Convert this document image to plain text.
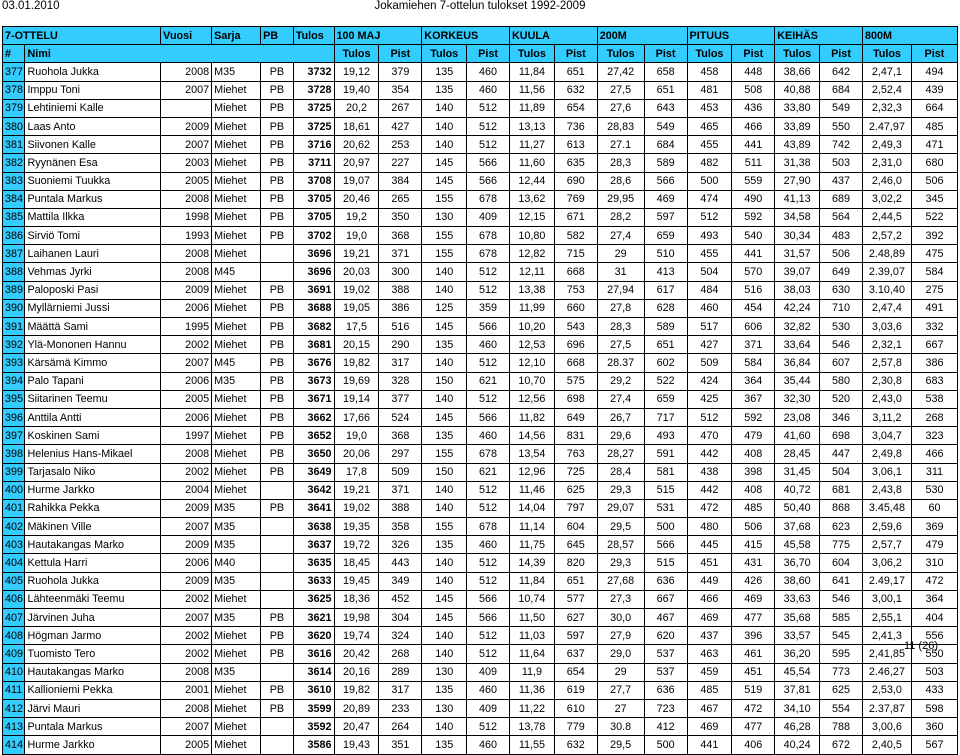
03.01.2010	Jokamiehen 7-ottelun tulokset 1992-2009
7-OTTELU		Vuosi	Sarja	PB	Tulos	100 MAJ		KORKEUS		KUULA		200M		PITUUS		KEIHÄS		800M	
#	Nimi					Tulos	Pist	Tulos	Pist	Tulos	Pist	Tulos	Pist	Tulos	Pist	Tulos	Pist	Tulos	Pist
377	Ruohola Jukka	2008	M35	PB	3732	19,12	379	135	460	11,84	651	27,42	658	458	448	38,66	642	2,47,1	494
378	Imppu Toni	2007	Miehet	PB	3728	19,40	354	135	460	11,56	632	27,5	651	481	508	40,88	684	2,52,4	439
379	Lehtiniemi Kalle		Miehet	PB	3725	20,2	267	140	512	11,89	654	27,6	643	453	436	33,80	549	2,32,3	664
380	Laas Anto	2009	Miehet	PB	3725	18,61	427	140	512	13,13	736	28,83	549	465	466	33,89	550	2.47,97	485
381	Siivonen Kalle	2007	Miehet	PB	3716	20,62	253	140	512	11,27	613	27.1	684	455	441	43,89	742	2,49,3	471
382	Ryynänen Esa	2003	Miehet	PB	3711	20,97	227	145	566	11,60	635	28,3	589	482	511	31,38	503	2,31,0	680
383	Suoniemi Tuukka	2005	Miehet	PB	3708	19,07	384	145	566	12,44	690	28,6	566	500	559	27,90	437	2,46,0	506
384	Puntala Markus	2008	Miehet	PB	3705	20,46	265	155	678	13,62	769	29,95	469	474	490	41,13	689	3,02,2	345
385	Mattila Ilkka	1998	Miehet	PB	3705	19,2	350	130	409	12,15	671	28,2	597	512	592	34,58	564	2,44,5	522
386	Sirviö Tomi	1993	Miehet	PB	3702	19,0	368	155	678	10,80	582	27,4	659	493	540	30,34	483	2,57,2	392
387	Laihanen Lauri	2008	Miehet		3696	19,21	371	155	678	12,82	715	29	510	455	441	31,57	506	2.48,89	475
388	Vehmas Jyrki	2008	M45		3696	20,03	300	140	512	12,11	668	31	413	504	570	39,07	649	2.39,07	584
389	Paloposki Pasi	2009	Miehet	PB	3691	19,02	388	140	512	13,38	753	27,94	617	484	516	38,03	630	3.10,40	275
390	Myllärniemi Jussi	2006	Miehet	PB	3688	19,05	386	125	359	11,99	660	27,8	628	460	454	42,24	710	2,47,4	491
391	Määttä Sami	1995	Miehet	PB	3682	17,5	516	145	566	10,20	543	28,3	589	517	606	32,82	530	3,03,6	332
392	Ylä-Mononen Hannu	2002	Miehet	PB	3681	20,15	290	135	460	12,53	696	27,5	651	427	371	33,64	546	2,32,1	667
393	Kärsämä Kimmo	2007	M45	PB	3676	19,82	317	140	512	12,10	668	28.37	602	509	584	36,84	607	2,57,8	386
394	Palo Tapani	2006	M35	PB	3673	19,69	328	150	621	10,70	575	29,2	522	424	364	35,44	580	2,30,8	683
395	Siitarinen Teemu	2005	Miehet	PB	3671	19,14	377	140	512	12,56	698	27,4	659	425	367	32,30	520	2,43,0	538
396	Anttila Antti	2006	Miehet	PB	3662	17,66	524	145	566	11,82	649	26,7	717	512	592	23,08	346	3,11,2	268
397	Koskinen Sami	1997	Miehet	PB	3652	19,0	368	135	460	14,56	831	29,6	493	470	479	41,60	698	3,04,7	323
398	Helenius Hans-Mikael	2008	Miehet	PB	3650	20,06	297	155	678	13,54	763	28,27	591	442	408	28,45	447	2,49,8	466
399	Tarjasalo Niko	2002	Miehet	PB	3649	17,8	509	150	621	12,96	725	28,4	581	438	398	31,45	504	3,06,1	311
400	Hurme Jarkko	2004	Miehet		3642	19,21	371	140	512	11,46	625	29,3	515	442	408	40,72	681	2,43,8	530
401	Rahikka Pekka	2009	M35	PB	3641	19,02	388	140	512	14,04	797	29,07	531	472	485	50,40	868	3.45,48	60
402	Mäkinen Ville	2007	M35		3638	19,35	358	155	678	11,14	604	29,5	500	480	506	37,68	623	2,59,6	369
403	Hautakangas Marko	2009	M35		3637	19,72	326	135	460	11,75	645	28,57	566	445	415	45,58	775	2,57,7	479
404	Kettula Harri	2006	M40		3635	18,45	443	140	512	14,39	820	29,3	515	451	431	36,70	604	3,06,2	310
405	Ruohola Jukka	2009	M35		3633	19,45	349	140	512	11,84	651	27,68	636	449	426	38,60	641	2.49,17	472
406	Lähteenmäki Teemu	2002	Miehet		3625	18,36	452	145	566	10,74	577	27,3	667	466	469	33,63	546	3,00,1	364
407	Järvinen Juha	2007	M35	PB	3621	19,98	304	145	566	11,50	627	30,0	467	469	477	35,68	585	2,55,1	404
408	Högman Jarmo	2002	Miehet	PB	3620	19,74	324	140	512	11,03	597	27,9	620	437	396	33,57	545	2,41,3	556
409	Tuomisto Tero	2002	Miehet	PB	3616	20,42	268	140	512	11,64	637	29,0	537	463	461	36,20	595	2,41,85	550
410	Hautakangas Marko	2008	M35		3614	20,16	289	130	409	11,9	654	29	537	459	451	45,54	773	2.46,27	503
411	Kallioniemi Pekka	2001	Miehet	PB	3610	19,82	317	135	460	11,36	619	27,7	636	485	519	37,81	625	2,53,0	433
412	Järvi Mauri	2008	Miehet	PB	3599	20,89	233	130	409	11,22	610	27	723	467	472	34,10	554	2.37,87	598
413	Puntala Markus	2007	Miehet		3592	20,47	264	140	512	13,78	779	30.8	412	469	477	46,28	788	3,00,6	360
414	Hurme Jarkko	2005	Miehet		3586	19,43	351	135	460	11,55	632	29,5	500	441	406	40,24	672	2,40,5	567
11 (26)
